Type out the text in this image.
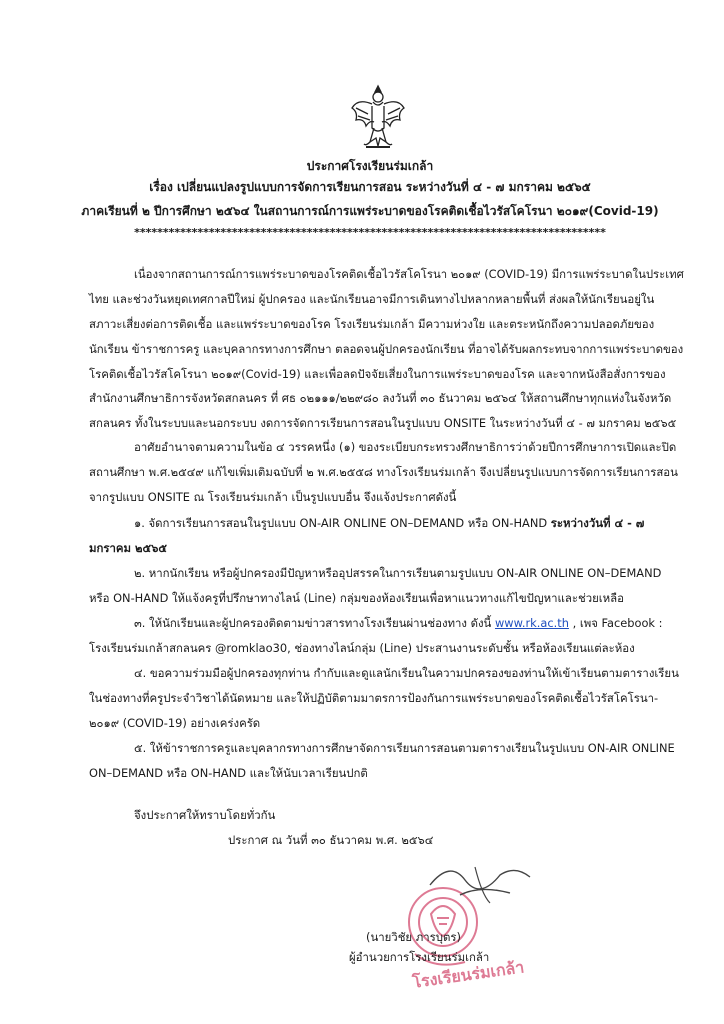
ประกาศโรงเรียนร่มเกล้า
เรื่อง เปลี่ยนแปลงรูปแบบการจัดการเรียนการสอน ระหว่างวันที่ ๔ - ๗ มกราคม ๒๕๖๕
ภาคเรียนที่ ๒ ปีการศึกษา ๒๕๖๔ ในสถานการณ์การแพร่ระบาดของโรคติดเชื้อไวรัสโคโรนา ๒๐๑๙(Covid-19)
**********************************************************************************
เนื่องจากสถานการณ์การแพร่ระบาดของโรคติดเชื้อไวรัสโคโรนา ๒๐๑๙ (COVID-19) มีการแพร่ระบาดในประเทศ
ไทย และช่วงวันหยุดเทศกาลปีใหม่ ผู้ปกครอง และนักเรียนอาจมีการเดินทางไปหลากหลายพื้นที่ ส่งผลให้นักเรียนอยู่ใน
สภาวะเสี่ยงต่อการติดเชื้อ และแพร่ระบาดของโรค โรงเรียนร่มเกล้า มีความห่วงใย และตระหนักถึงความปลอดภัยของ
นักเรียน ข้าราชการครู และบุคลากรทางการศึกษา ตลอดจนผู้ปกครองนักเรียน ที่อาจได้รับผลกระทบจากการแพร่ระบาดของ
โรคติดเชื้อไวรัสโคโรนา ๒๐๑๙(Covid-19) และเพื่อลดปัจจัยเสี่ยงในการแพร่ระบาดของโรค และจากหนังสือสั่งการของ
สำนักงานศึกษาธิการจังหวัดสกลนคร ที่ ศธ ๐๒๑๑๑/๒๒๙๘๐ ลงวันที่ ๓๐ ธันวาคม ๒๕๖๔ ให้สถานศึกษาทุกแห่งในจังหวัด
สกลนคร ทั้งในระบบและนอกระบบ งดการจัดการเรียนการสอนในรูปแบบ ONSITE ในระหว่างวันที่ ๔ - ๗ มกราคม ๒๕๖๕
อาศัยอำนาจตามความในข้อ ๔ วรรคหนึ่ง (๑) ของระเบียบกระทรวงศึกษาธิการว่าด้วยปีการศึกษาการเปิดและปิด
สถานศึกษา พ.ศ.๒๕๔๙ แก้ไขเพิ่มเติมฉบับที่ ๒ พ.ศ.๒๕๕๘ ทางโรงเรียนร่มเกล้า จึงเปลี่ยนรูปแบบการจัดการเรียนการสอน
จากรูปแบบ ONSITE ณ โรงเรียนร่มเกล้า เป็นรูปแบบอื่น จึงแจ้งประกาศดังนี้
๑. จัดการเรียนการสอนในรูปแบบ ON-AIR ONLINE ON–DEMAND หรือ ON-HAND ระหว่างวันที่ ๔ - ๗
มกราคม ๒๕๖๕
๒. หากนักเรียน หรือผู้ปกครองมีปัญหาหรืออุปสรรคในการเรียนตามรูปแบบ ON-AIR ONLINE ON–DEMAND
หรือ ON-HAND ให้แจ้งครูที่ปรึกษาทางไลน์ (Line) กลุ่มของห้องเรียนเพื่อหาแนวทางแก้ไขปัญหาและช่วยเหลือ
๓. ให้นักเรียนและผู้ปกครองติดตามข่าวสารทางโรงเรียนผ่านช่องทาง ดังนี้ www.rk.ac.th , เพจ Facebook :
โรงเรียนร่มเกล้าสกลนคร @romklao30, ช่องทางไลน์กลุ่ม (Line) ประสานงานระดับชั้น หรือห้องเรียนแต่ละห้อง
๔. ขอความร่วมมือผู้ปกครองทุกท่าน กำกับและดูแลนักเรียนในความปกครองของท่านให้เข้าเรียนตามตารางเรียน
ในช่องทางที่ครูประจำวิชาได้นัดหมาย และให้ปฏิบัติตามมาตรการป้องกันการแพร่ระบาดของโรคติดเชื้อไวรัสโคโรนา-
๒๐๑๙ (COVID-19) อย่างเคร่งครัด
๕. ให้ข้าราชการครูและบุคลากรทางการศึกษาจัดการเรียนการสอนตามตารางเรียนในรูปแบบ ON-AIR ONLINE
ON–DEMAND หรือ ON-HAND และให้นับเวลาเรียนปกติ
จึงประกาศให้ทราบโดยทั่วกัน
ประกาศ ณ วันที่ ๓๐ ธันวาคม พ.ศ. ๒๕๖๔
โรงเรียนร่มเกล้า
(นายวิชัย ภารบุตร)
ผู้อำนวยการโรงเรียนร่มเกล้า
